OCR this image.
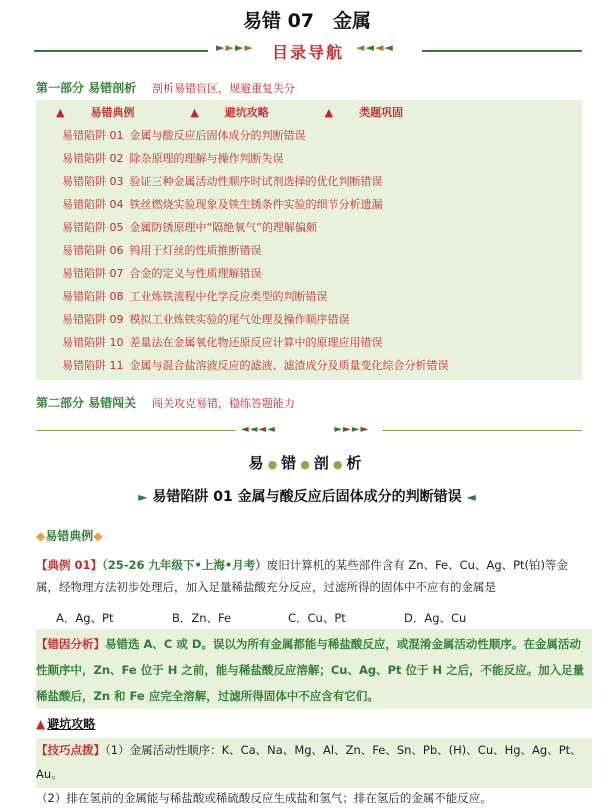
易错 07　金属
►►►► 目录导航 ◄◄◄◄
第一部分 易错剖析 剖析易错盲区，规避重复失分
▲ 易错典例	▲ 避坑攻略	▲ 类题巩固
易错陷阱 01 金属与酸反应后固体成分的判断错误
易错陷阱 02 除杂原理的理解与操作判断失误
易错陷阱 03 验证三种金属活动性顺序时试剂选择的优化判断错误
易错陷阱 04 铁丝燃烧实验现象及铁生锈条件实验的细节分析遗漏
易错陷阱 05 金属防锈原理中“隔绝氧气”的理解偏颇
易错陷阱 06 钨用于灯丝的性质推断错误
易错陷阱 07 合金的定义与性质理解错误
易错陷阱 08 工业炼铁流程中化学反应类型的判断错误
易错陷阱 09 模拟工业炼铁实验的尾气处理及操作顺序错误
易错陷阱 10 差量法在金属氧化物还原反应计算中的原理应用错误
易错陷阱 11 金属与混合盐溶液反应的滤液、滤渣成分及质量变化综合分析错误
第二部分 易错闯关 闯关攻克易错，稳练答题能力
◄◄◄◄	►►►►
易●错●剖●析
► 易错陷阱 01 金属与酸反应后固体成分的判断错误 ◄
◆易错典例◆
【典例 01】（25-26 九年级下•上海•月考）废旧计算机的某些部件含有 Zn、Fe、Cu、Ag、Pt(铂)等金属，经物理方法初步处理后，加入足量稀盐酸充分反应，过滤所得的固体中不应有的金属是
A．Ag、Pt	B．Zn、Fe	C．Cu、Pt	D．Ag、Cu
【错因分析】易错选 A、C 或 D。误以为所有金属都能与稀盐酸反应，或混淆金属活动性顺序。在金属活动性顺序中，Zn、Fe 位于 H 之前，能与稀盐酸反应溶解；Cu、Ag、Pt 位于 H 之后，不能反应。加入足量稀盐酸后，Zn 和 Fe 应完全溶解，过滤所得固体中不应含有它们。
▲ 避坑攻略
【技巧点拨】（1）金属活动性顺序：K、Ca、Na、Mg、Al、Zn、Fe、Sn、Pb、(H)、Cu、Hg、Ag、Pt、Au。
（2）排在氢前的金属能与稀盐酸或稀硫酸反应生成盐和氢气；排在氢后的金属不能反应。
